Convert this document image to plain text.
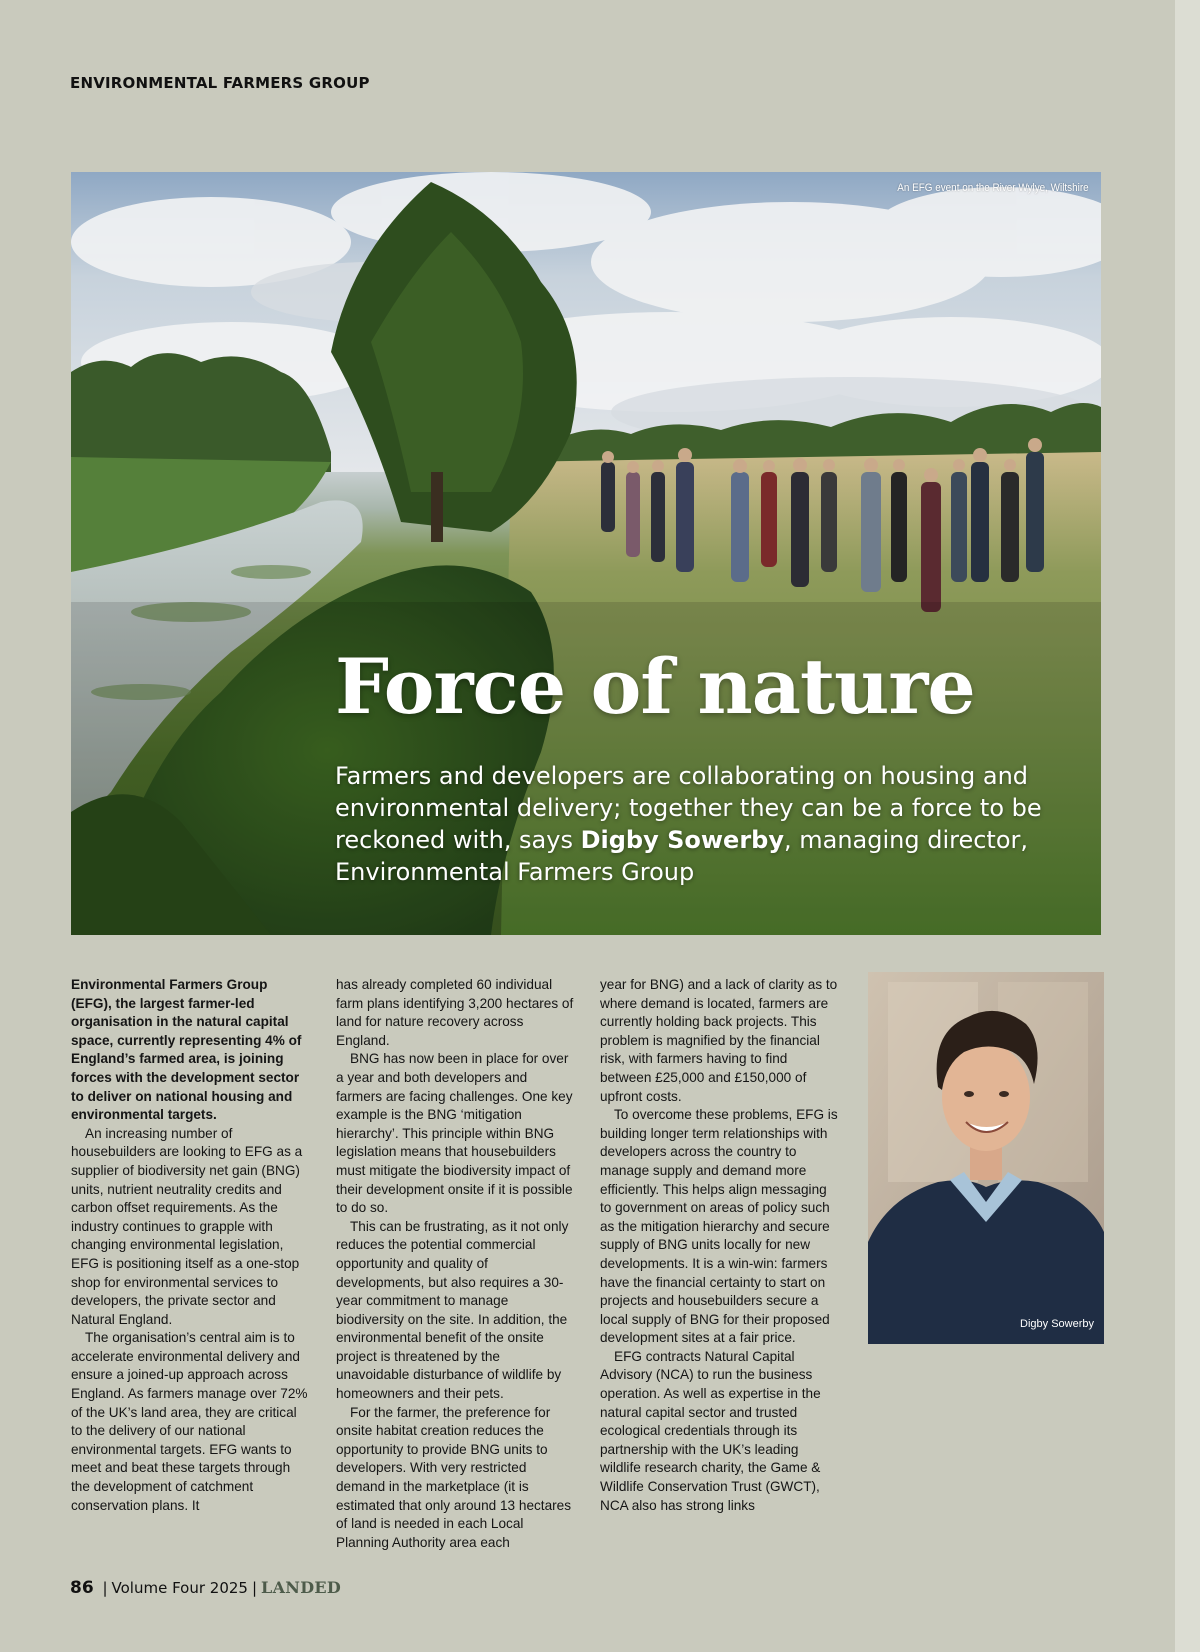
ENVIRONMENTAL FARMERS GROUP
An EFG event on the River Wylye, Wiltshire
Force of nature
Farmers and developers are collaborating on housing and environmental delivery; together they can be a force to be reckoned with, says Digby Sowerby, managing director, Environmental Farmers Group

Environmental Farmers Group (EFG), the largest farmer-led organisation in the natural capital space, currently representing 4% of England’s farmed area, is joining forces with the development sector to deliver on national housing and environmental targets.

An increasing number of housebuilders are looking to EFG as a supplier of biodiversity net gain (BNG) units, nutrient neutrality credits and carbon offset requirements. As the industry continues to grapple with changing environmental legislation, EFG is positioning itself as a one-stop shop for environmental services to developers, the private sector and Natural England.

The organisation’s central aim is to accelerate environmental delivery and ensure a joined-up approach across England. As farmers manage over 72% of the UK’s land area, they are critical to the delivery of our national environmental targets. EFG wants to meet and beat these targets through the development of catchment conservation plans. It

has already completed 60 individual farm plans identifying 3,200 hectares of land for nature recovery across England.

BNG has now been in place for over a year and both developers and farmers are facing challenges. One key example is the BNG ‘mitigation hierarchy’. This principle within BNG legislation means that housebuilders must mitigate the biodiversity impact of their development onsite if it is possible to do so.

This can be frustrating, as it not only reduces the potential commercial opportunity and quality of developments, but also requires a 30-year commitment to manage biodiversity on the site. In addition, the environmental benefit of the onsite project is threatened by the unavoidable disturbance of wildlife by homeowners and their pets.

For the farmer, the preference for onsite habitat creation reduces the opportunity to provide BNG units to developers. With very restricted demand in the marketplace (it is estimated that only around 13 hectares of land is needed in each Local Planning Authority area each

year for BNG) and a lack of clarity as to where demand is located, farmers are currently holding back projects. This problem is magnified by the financial risk, with farmers having to find between £25,000 and £150,000 of upfront costs.

To overcome these problems, EFG is building longer term relationships with developers across the country to manage supply and demand more efficiently. This helps align messaging to government on areas of policy such as the mitigation hierarchy and secure supply of BNG units locally for new developments. It is a win-win: farmers have the financial certainty to start on projects and housebuilders secure a local supply of BNG for their proposed development sites at a fair price.

EFG contracts Natural Capital Advisory (NCA) to run the business operation. As well as expertise in the natural capital sector and trusted ecological credentials through its partnership with the UK’s leading wildlife research charity, the Game & Wildlife Conservation Trust (GWCT), NCA also has strong links

Digby Sowerby
86 | Volume Four 2025 | LANDED
